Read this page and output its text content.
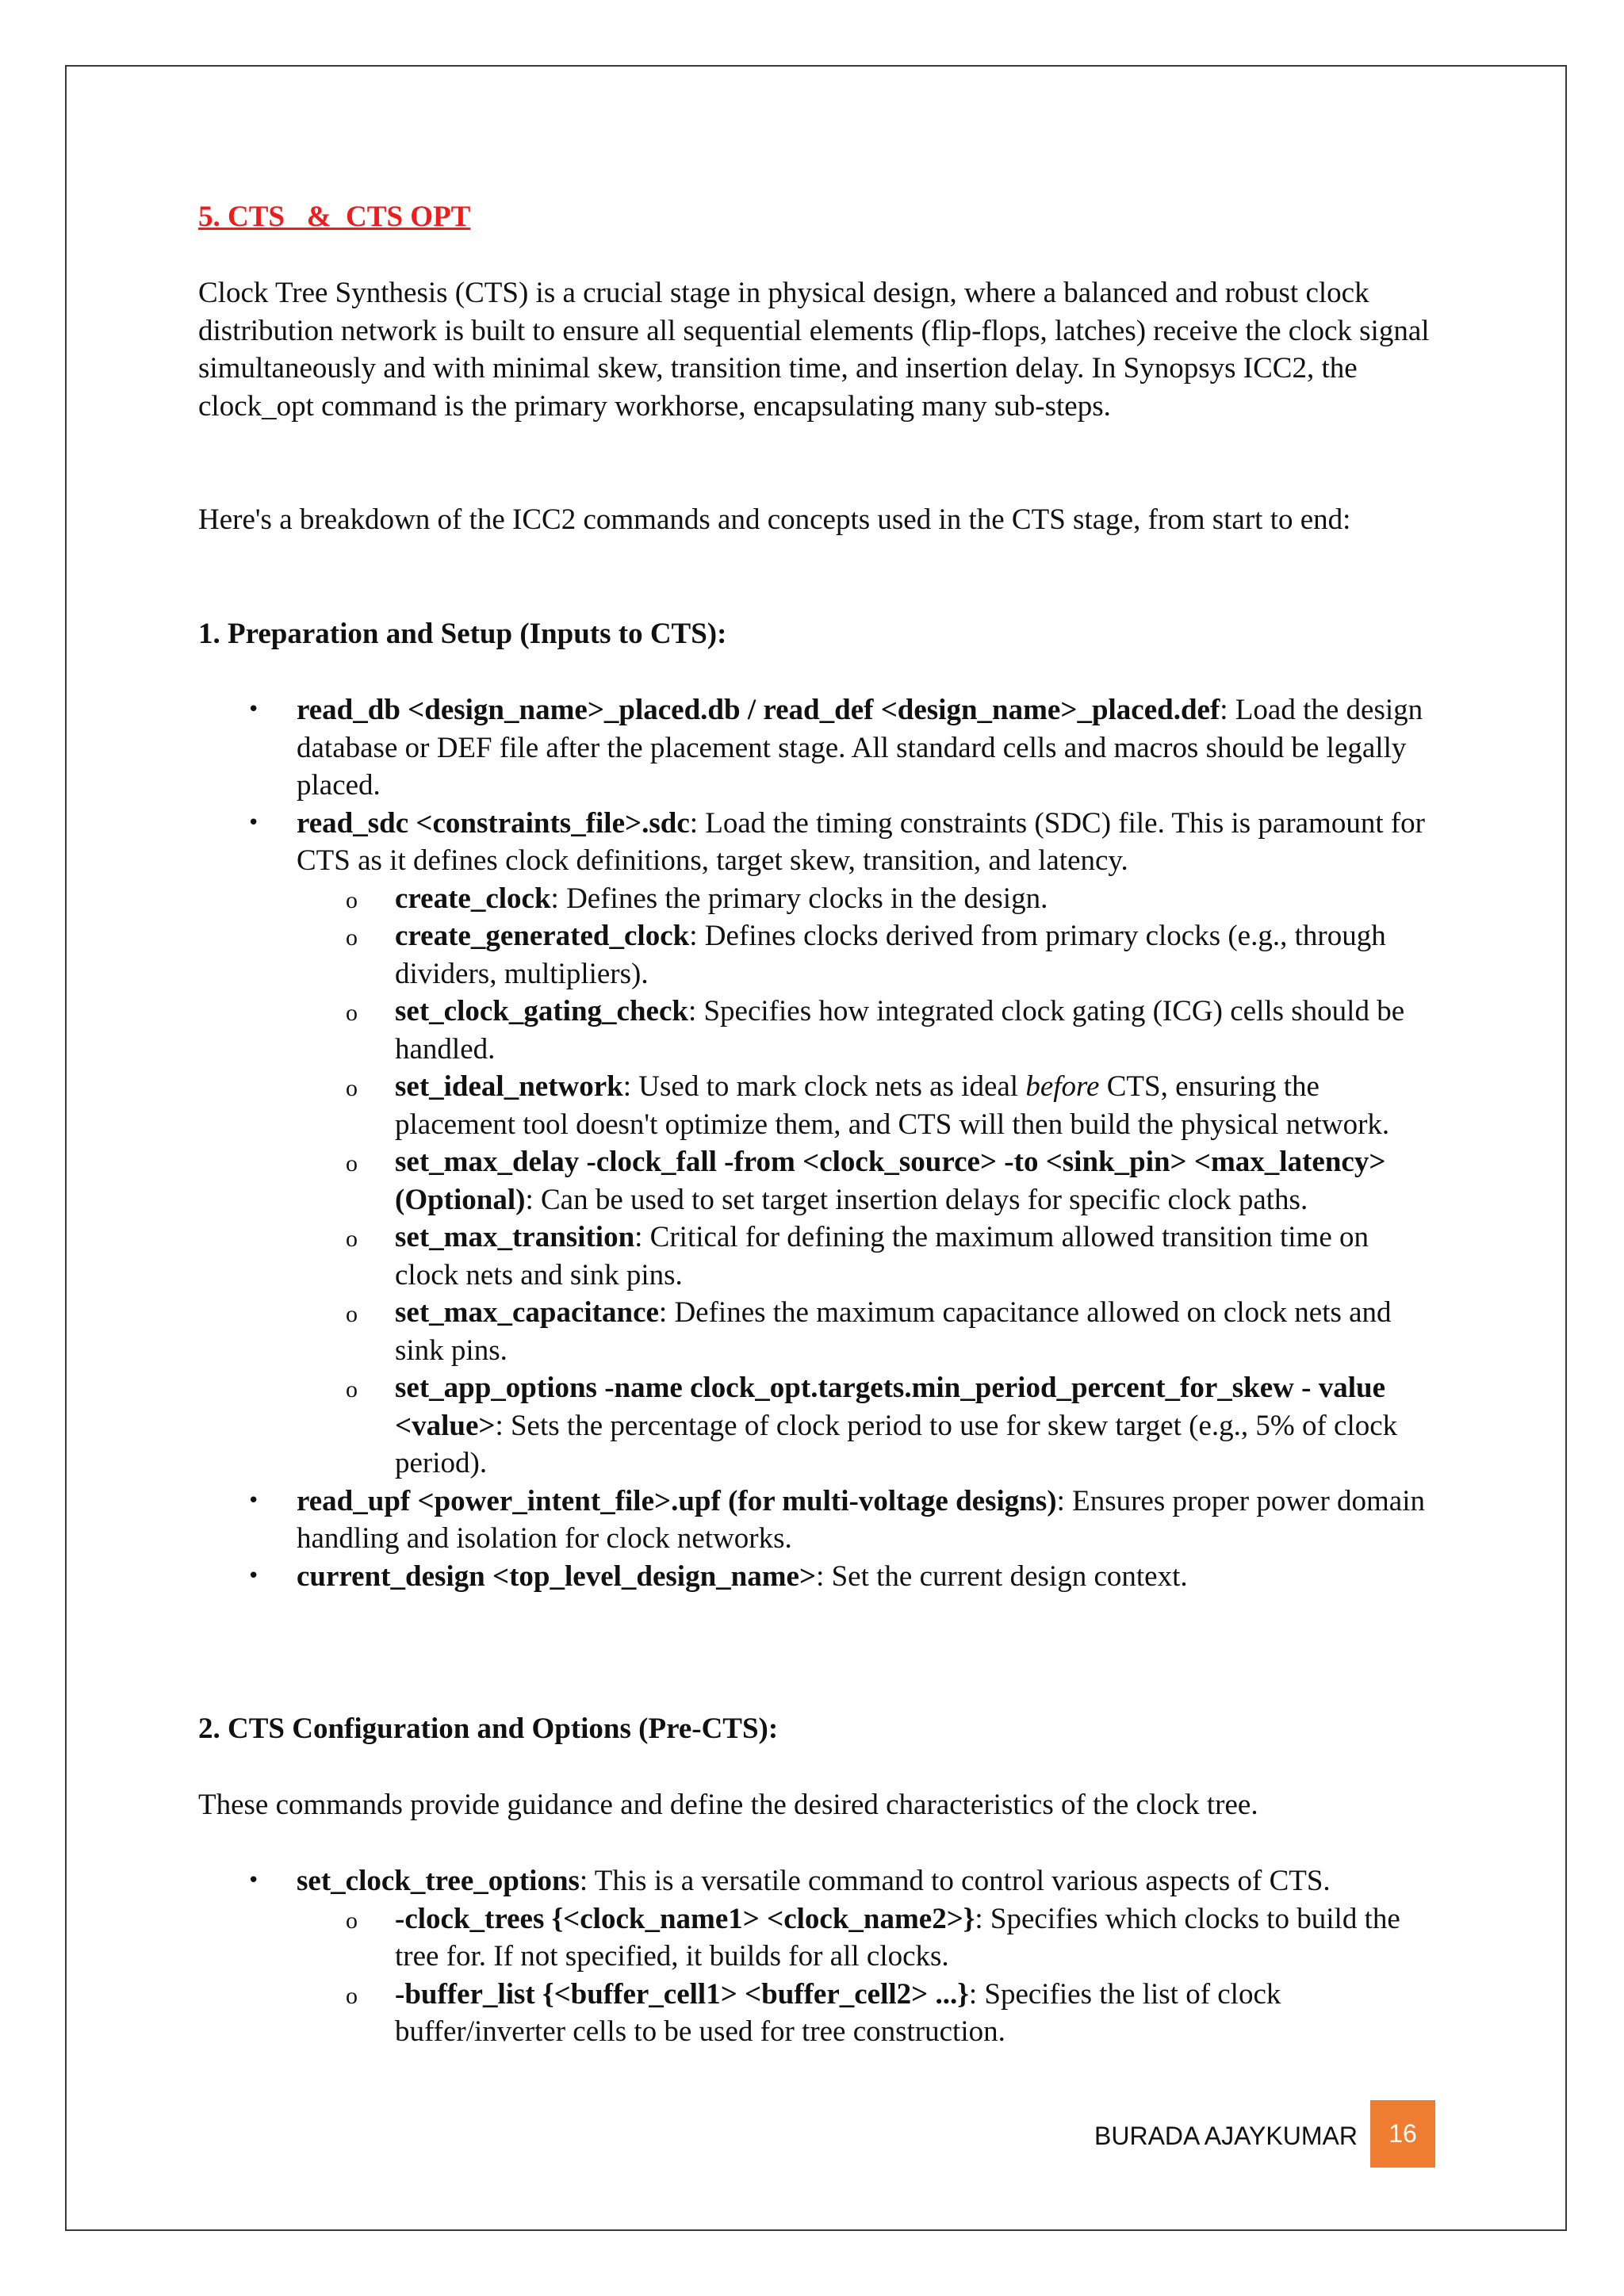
5. CTS   &  CTS OPT

Clock Tree Synthesis (CTS) is a crucial stage in physical design, where a balanced and robust clock distribution network is built to ensure all sequential elements (flip-flops, latches) receive the clock signal simultaneously and with minimal skew, transition time, and insertion delay. In Synopsys ICC2, the clock_opt command is the primary workhorse, encapsulating many sub-steps.

Here's a breakdown of the ICC2 commands and concepts used in the CTS stage, from start to end:

1. Preparation and Setup (Inputs to CTS):

• read_db <design_name>_placed.db / read_def <design_name>_placed.def: Load the design database or DEF file after the placement stage. All standard cells and macros should be legally placed.
• read_sdc <constraints_file>.sdc: Load the timing constraints (SDC) file. This is paramount for CTS as it defines clock definitions, target skew, transition, and latency.
o create_clock: Defines the primary clocks in the design.
o create_generated_clock: Defines clocks derived from primary clocks (e.g., through dividers, multipliers).
o set_clock_gating_check: Specifies how integrated clock gating (ICG) cells should be handled.
o set_ideal_network: Used to mark clock nets as ideal before CTS, ensuring the placement tool doesn't optimize them, and CTS will then build the physical network.
o set_max_delay -clock_fall -from <clock_source> -to <sink_pin> <max_latency> (Optional): Can be used to set target insertion delays for specific clock paths.
o set_max_transition: Critical for defining the maximum allowed transition time on clock nets and sink pins.
o set_max_capacitance: Defines the maximum capacitance allowed on clock nets and sink pins.
o set_app_options -name clock_opt.targets.min_period_percent_for_skew - value <value>: Sets the percentage of clock period to use for skew target (e.g., 5% of clock period).
• read_upf <power_intent_file>.upf (for multi-voltage designs): Ensures proper power domain handling and isolation for clock networks.
• current_design <top_level_design_name>: Set the current design context.

2. CTS Configuration and Options (Pre-CTS):

These commands provide guidance and define the desired characteristics of the clock tree.

• set_clock_tree_options: This is a versatile command to control various aspects of CTS.
o -clock_trees {<clock_name1> <clock_name2>}: Specifies which clocks to build the tree for. If not specified, it builds for all clocks.
o -buffer_list {<buffer_cell1> <buffer_cell2> ...}: Specifies the list of clock buffer/inverter cells to be used for tree construction.
BURADA AJAYKUMAR	16
